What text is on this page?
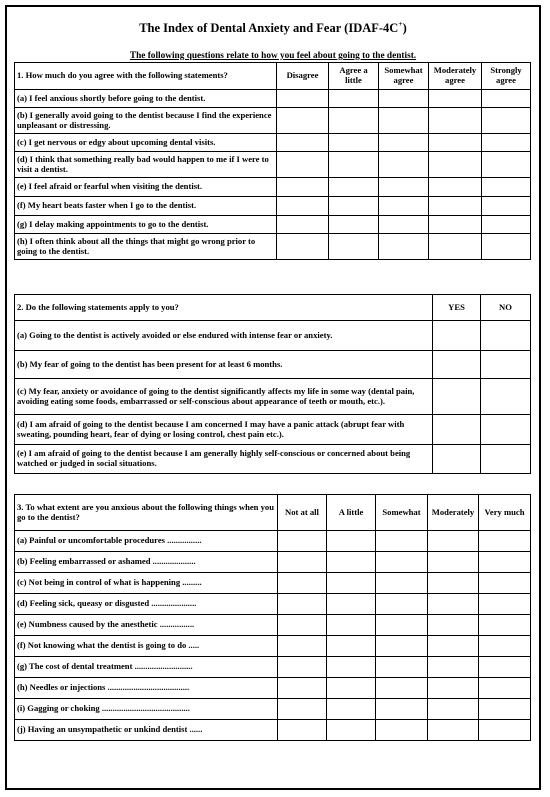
The Index of Dental Anxiety and Fear (IDAF-4C+)
The following questions relate to how you feel about going to the dentist.
1. How much do you agree with the following statements?	Disagree	Agree a little	Somewhat agree	Moderately agree	Strongly agree
(a) I feel anxious shortly before going to the dentist.					
(b) I generally avoid going to the dentist because I find the experience unpleasant or distressing.					
(c) I get nervous or edgy about upcoming dental visits.					
(d) I think that something really bad would happen to me if I were to visit a dentist.					
(e) I feel afraid or fearful when visiting the dentist.					
(f) My heart beats faster when I go to the dentist.					
(g) I delay making appointments to go to the dentist.					
(h) I often think about all the things that might go wrong prior to going to the dentist.					
2. Do the following statements apply to you?	YES	NO
(a) Going to the dentist is actively avoided or else endured with intense fear or anxiety.		
(b) My fear of going to the dentist has been present for at least 6 months.		
(c) My fear, anxiety or avoidance of going to the dentist significantly affects my life in some way (dental pain, avoiding eating some foods, embarrassed or self-conscious about appearance of teeth or mouth, etc.).		
(d) I am afraid of going to the dentist because I am concerned I may have a panic attack (abrupt fear with sweating, pounding heart, fear of dying or losing control, chest pain etc.).		
(e) I am afraid of going to the dentist because I am generally highly self-conscious or concerned about being watched or judged in social situations.		
3. To what extent are you anxious about the following things when you go to the dentist?	Not at all	A little	Somewhat	Moderately	Very much
(a) Painful or uncomfortable procedures ................					
(b) Feeling embarrassed or ashamed ....................					
(c) Not being in control of what is happening .........					
(d) Feeling sick, queasy or disgusted .....................					
(e) Numbness caused by the anesthetic ................					
(f) Not knowing what the dentist is going to do .....					
(g) The cost of dental treatment ...........................					
(h) Needles or injections ......................................					
(i) Gagging or choking .........................................					
(j) Having an unsympathetic or unkind dentist ......					
